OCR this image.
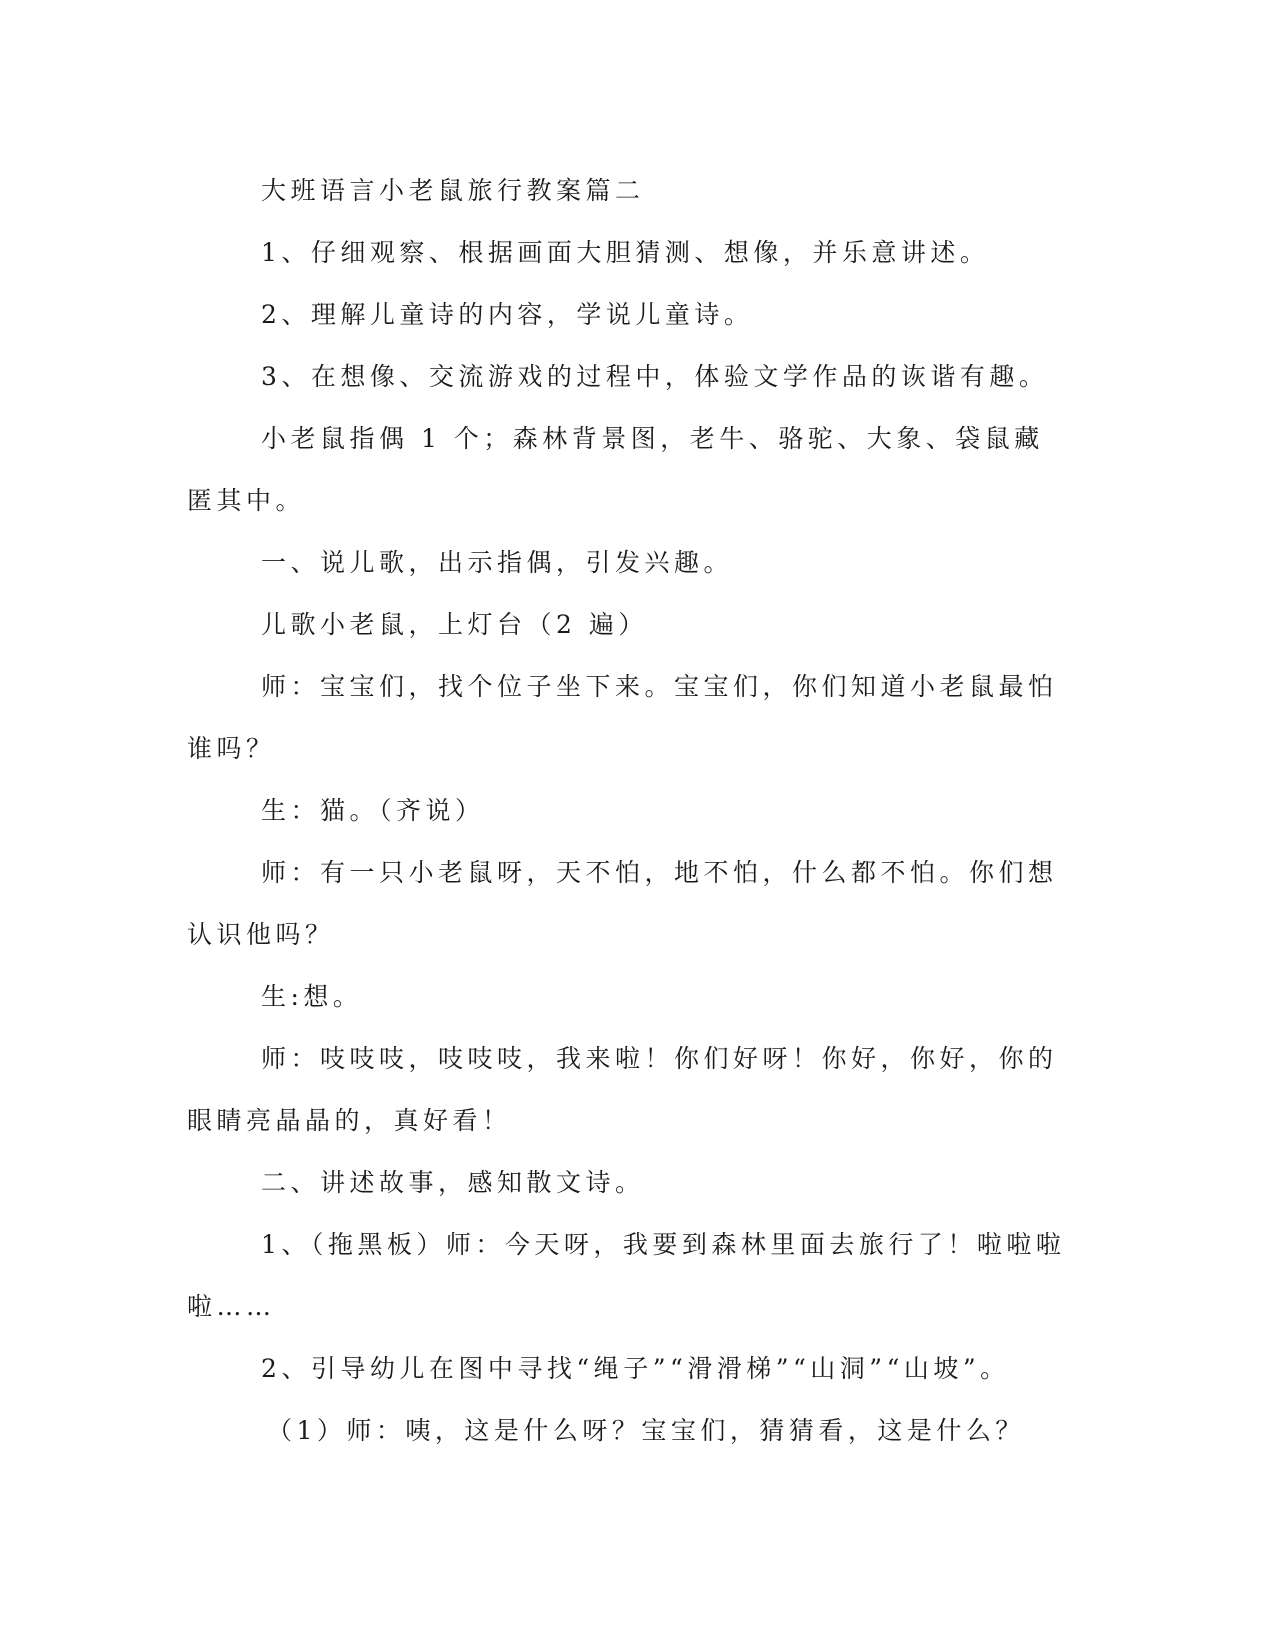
大班语言小老鼠旅行教案篇二

1、仔细观察、根据画面大胆猜测、想像，并乐意讲述。

2、理解儿童诗的内容，学说儿童诗。

3、在想像、交流游戏的过程中，体验文学作品的诙谐有趣。

小老鼠指偶 1 个；森林背景图，老牛、骆驼、大象、袋鼠藏匿其中。

一、说儿歌，出示指偶，引发兴趣。

儿歌小老鼠，上灯台（2 遍）

师：宝宝们，找个位子坐下来。宝宝们，你们知道小老鼠最怕谁吗？

生：猫。（齐说）

师：有一只小老鼠呀，天不怕，地不怕，什么都不怕。你们想认识他吗？

生:想。

师：吱吱吱，吱吱吱，我来啦！你们好呀！你好，你好，你的眼睛亮晶晶的，真好看！

二、讲述故事，感知散文诗。

1、（拖黑板）师：今天呀，我要到森林里面去旅行了！啦啦啦啦……

2、引导幼儿在图中寻找“绳子”“滑滑梯”“山洞”“山坡”。

（1）师：咦，这是什么呀？宝宝们，猜猜看，这是什么？
